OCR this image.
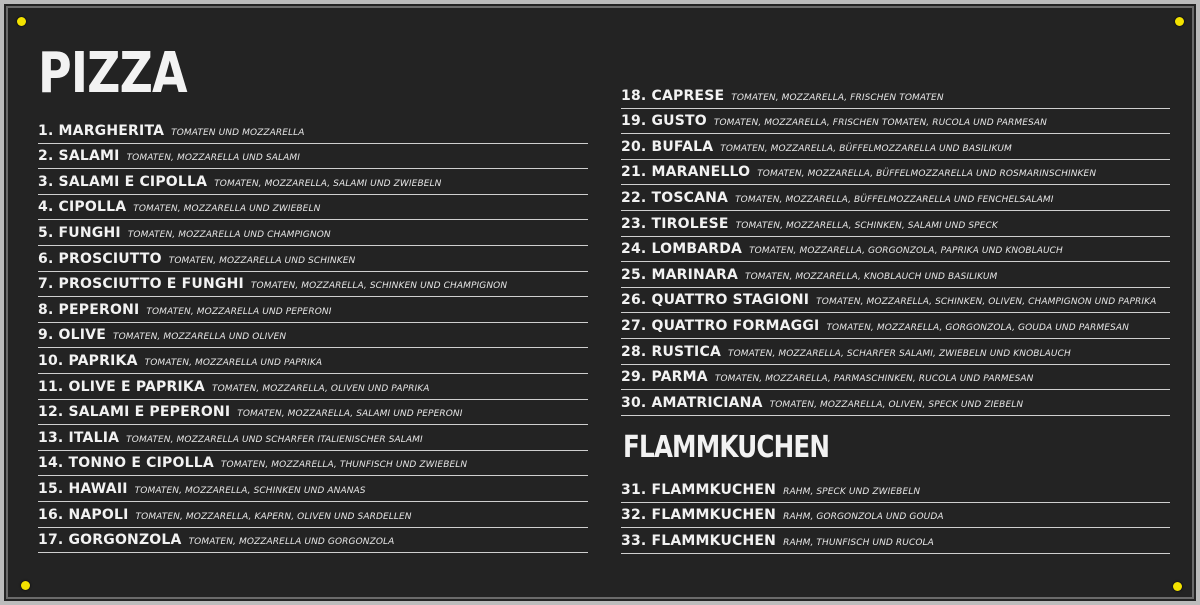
PIZZA
1. MARGHERITA TOMATEN UND MOZZARELLA
2. SALAMI TOMATEN, MOZZARELLA UND SALAMI
3. SALAMI E CIPOLLA TOMATEN, MOZZARELLA, SALAMI UND ZWIEBELN
4. CIPOLLA TOMATEN, MOZZARELLA UND ZWIEBELN
5. FUNGHI TOMATEN, MOZZARELLA UND CHAMPIGNON
6. PROSCIUTTO TOMATEN, MOZZARELLA UND SCHINKEN
7. PROSCIUTTO E FUNGHI TOMATEN, MOZZARELLA, SCHINKEN UND CHAMPIGNON
8. PEPERONI TOMATEN, MOZZARELLA UND PEPERONI
9. OLIVE TOMATEN, MOZZARELLA UND OLIVEN
10. PAPRIKA TOMATEN, MOZZARELLA UND PAPRIKA
11. OLIVE E PAPRIKA TOMATEN, MOZZARELLA, OLIVEN UND PAPRIKA
12. SALAMI E PEPERONI TOMATEN, MOZZARELLA, SALAMI UND PEPERONI
13. ITALIA TOMATEN, MOZZARELLA UND SCHARFER ITALIENISCHER SALAMI
14. TONNO E CIPOLLA TOMATEN, MOZZARELLA, THUNFISCH UND ZWIEBELN
15. HAWAII TOMATEN, MOZZARELLA, SCHINKEN UND ANANAS
16. NAPOLI TOMATEN, MOZZARELLA, KAPERN, OLIVEN UND SARDELLEN
17. GORGONZOLA TOMATEN, MOZZARELLA UND GORGONZOLA
18. CAPRESE TOMATEN, MOZZARELLA, FRISCHEN TOMATEN
19. GUSTO TOMATEN, MOZZARELLA, FRISCHEN TOMATEN, RUCOLA UND PARMESAN
20. BUFALA TOMATEN, MOZZARELLA, BÜFFELMOZZARELLA UND BASILIKUM
21. MARANELLO TOMATEN, MOZZARELLA, BÜFFELMOZZARELLA UND ROSMARINSCHINKEN
22. TOSCANA TOMATEN, MOZZARELLA, BÜFFELMOZZARELLA UND FENCHELSALAMI
23. TIROLESE TOMATEN, MOZZARELLA, SCHINKEN, SALAMI UND SPECK
24. LOMBARDA TOMATEN, MOZZARELLA, GORGONZOLA, PAPRIKA UND KNOBLAUCH
25. MARINARA TOMATEN, MOZZARELLA, KNOBLAUCH UND BASILIKUM
26. QUATTRO STAGIONI TOMATEN, MOZZARELLA, SCHINKEN, OLIVEN, CHAMPIGNON UND PAPRIKA
27. QUATTRO FORMAGGI TOMATEN, MOZZARELLA, GORGONZOLA, GOUDA UND PARMESAN
28. RUSTICA TOMATEN, MOZZARELLA, SCHARFER SALAMI, ZWIEBELN UND KNOBLAUCH
29. PARMA TOMATEN, MOZZARELLA, PARMASCHINKEN, RUCOLA UND PARMESAN
30. AMATRICIANA TOMATEN, MOZZARELLA, OLIVEN, SPECK UND ZIEBELN
FLAMMKUCHEN
31. FLAMMKUCHEN RAHM, SPECK UND ZWIEBELN
32. FLAMMKUCHEN RAHM, GORGONZOLA UND GOUDA
33. FLAMMKUCHEN RAHM, THUNFISCH UND RUCOLA
